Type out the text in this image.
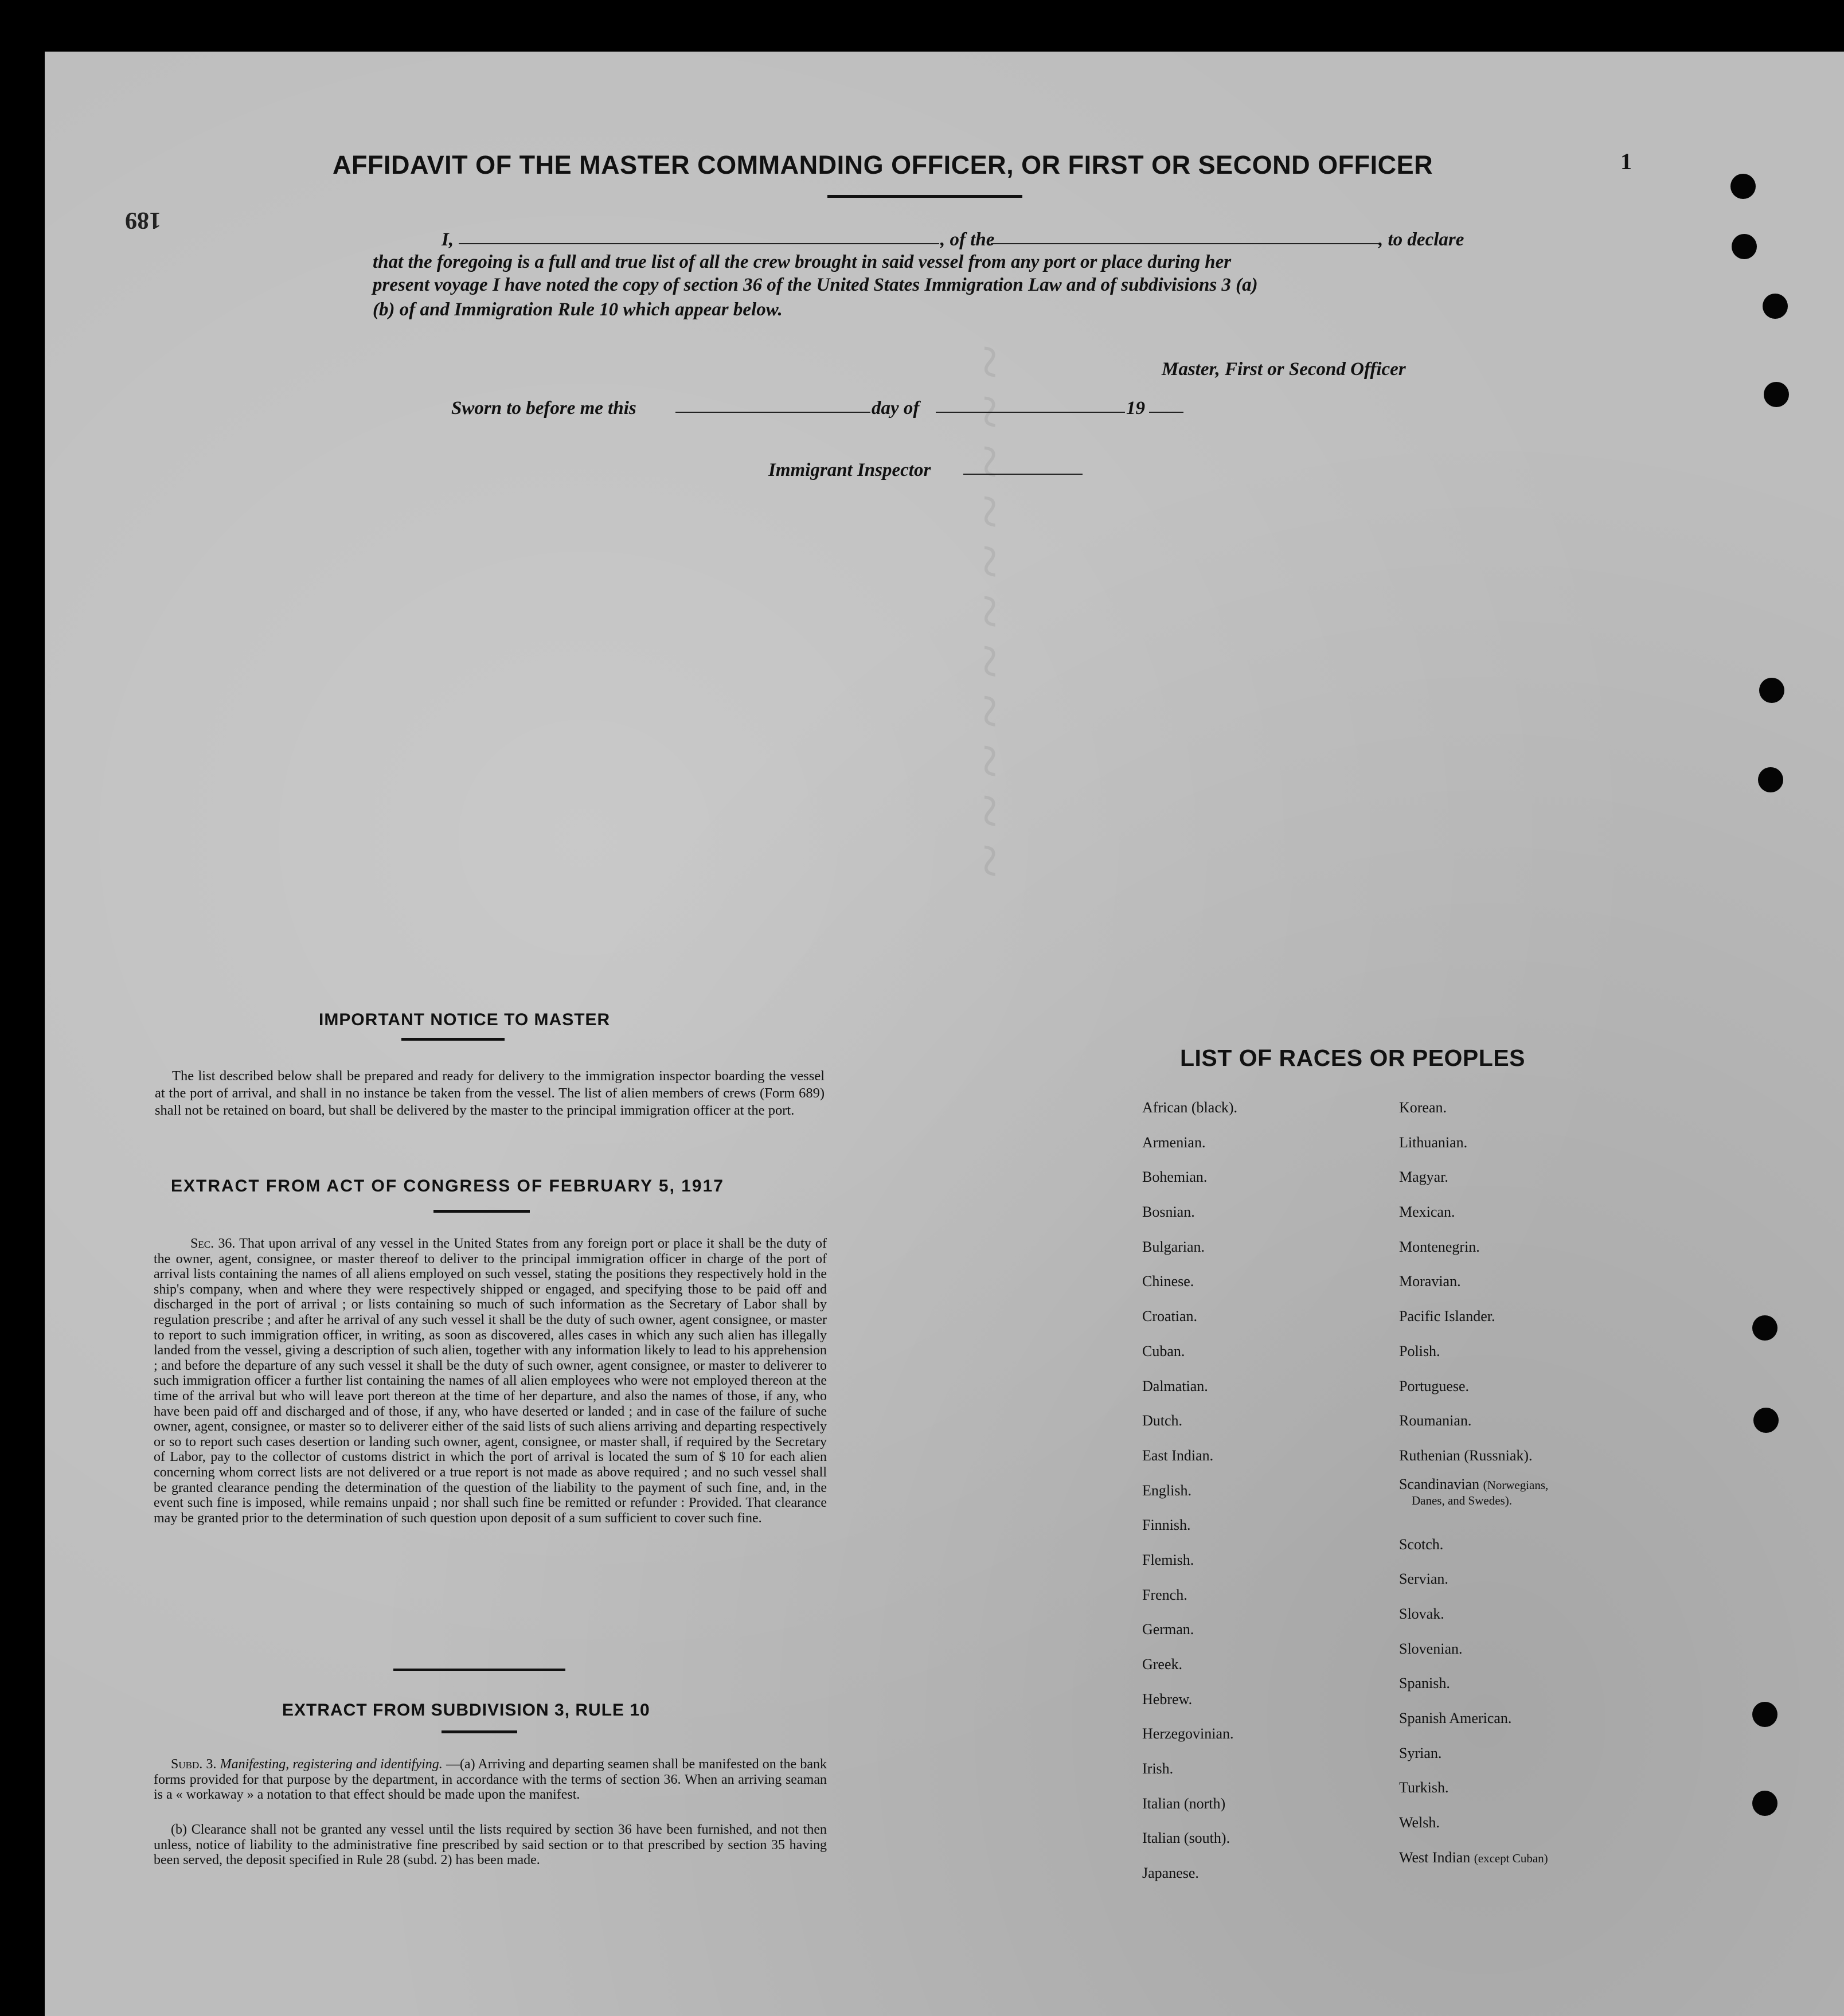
~ ~ ~ ~ ~ ~ ~ ~ ~ ~ ~
189
1
AFFIDAVIT OF THE MASTER COMMANDING OFFICER, OR FIRST OR SECOND OFFICER
I,	, of the	, to declare
that the foregoing is a full and true list of all the crew brought in said vessel from any port or place during her
present voyage I have noted the copy of section 36 of the United States Immigration Law and of subdivisions 3 (a)
(b) of and Immigration Rule 10 which appear below.
Master, First or Second Officer
Sworn to before me this	day of	19
Immigrant Inspector
IMPORTANT NOTICE TO MASTER
The list described below shall be prepared and ready for delivery to the immigration inspector boarding the vessel at the port of arrival, and shall in no instance be taken from the vessel. The list of alien members of crews (Form 689) shall not be retained on board, but shall be delivered by the master to the principal immigration officer at the port.
EXTRACT FROM ACT OF CONGRESS OF FEBRUARY 5, 1917
Sec. 36. That upon arrival of any vessel in the United States from any foreign port or place it shall be the duty of the owner, agent, consignee, or master thereof to deliver to the principal immigration officer in charge of the port of arrival lists containing the names of all aliens employed on such vessel, stating the positions they respectively hold in the ship's company, when and where they were respectively shipped or engaged, and specifying those to be paid off and discharged in the port of arrival ; or lists containing so much of such information as the Secretary of Labor shall by regulation prescribe ; and after he arrival of any such vessel it shall be the duty of such owner, agent consignee, or master to report to such immigration officer, in writing, as soon as discovered, alles cases in which any such alien has illegally landed from the vessel, giving a description of such alien, together with any information likely to lead to his apprehension ; and before the departure of any such vessel it shall be the duty of such owner, agent consignee, or master to deliverer to such immigration officer a further list containing the names of all alien employees who were not employed thereon at the time of the arrival but who will leave port thereon at the time of her departure, and also the names of those, if any, who have been paid off and discharged and of those, if any, who have deserted or landed ; and in case of the failure of suche owner, agent, consignee, or master so to deliverer either of the said lists of such aliens arriving and departing respectively or so to report such cases desertion or landing such owner, agent, consignee, or master shall, if required by the Secretary of Labor, pay to the collector of customs district in which the port of arrival is located the sum of $ 10 for each alien concerning whom correct lists are not delivered or a true report is not made as above required ; and no such vessel shall be granted clearance pending the determination of the question of the liability to the payment of such fine, and, in the event such fine is imposed, while remains unpaid ; nor shall such fine be remitted or refunder : Provided. That clearance may be granted prior to the determination of such question upon deposit of a sum sufficient to cover such fine.
EXTRACT FROM SUBDIVISION 3, RULE 10
Subd. 3. Manifesting, registering and identifying. —(a) Arriving and departing seamen shall be manifested on the bank forms provided for that purpose by the department, in accordance with the terms of section 36. When an arriving seaman is a « workaway » a notation to that effect should be made upon the manifest.
(b) Clearance shall not be granted any vessel until the lists required by section 36 have been furnished, and not then unless, notice of liability to the administrative fine prescribed by said section or to that prescribed by section 35 having been served, the deposit specified in Rule 28 (subd. 2) has been made.
LIST OF RACES OR PEOPLES
African (black).
Armenian.
Bohemian.
Bosnian.
Bulgarian.
Chinese.
Croatian.
Cuban.
Dalmatian.
Dutch.
East Indian.
English.
Finnish.
Flemish.
French.
German.
Greek.
Hebrew.
Herzegovinian.
Irish.
Italian (north)
Italian (south).
Japanese.
Korean.
Lithuanian.
Magyar.
Mexican.
Montenegrin.
Moravian.
Pacific Islander.
Polish.
Portuguese.
Roumanian.
Ruthenian (Russniak).
Scandinavian (Norwegians,
Danes, and Swedes).
Scotch.
Servian.
Slovak.
Slovenian.
Spanish.
Spanish American.
Syrian.
Turkish.
Welsh.
West Indian (except Cuban)
